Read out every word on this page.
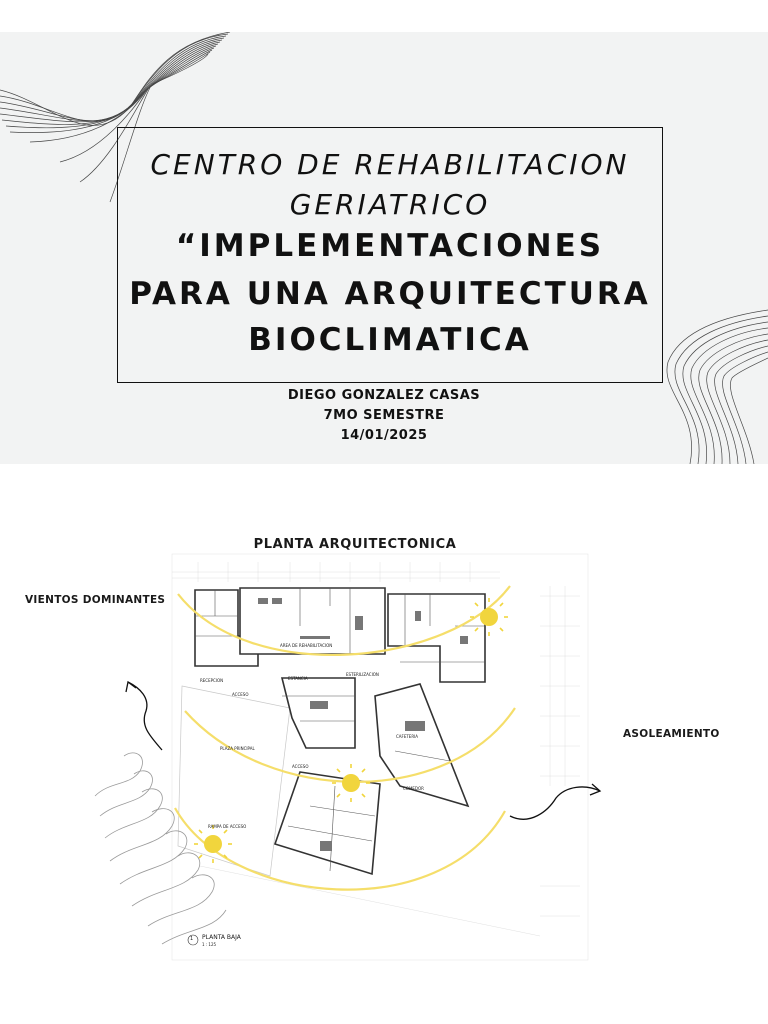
CENTRO DE REHABILITACION
GERIATRICO
“IMPLEMENTACIONES
PARA UNA ARQUITECTURA
BIOCLIMATICA
DIEGO GONZALEZ CASAS
7MO SEMESTRE
14/01/2025
PLANTA ARQUITECTONICA
VIENTOS DOMINANTES
ASOLEAMIENTO
AREA DE REHABILITACION
RECEPCION	ESTANCIA
ESTERILIZACION
ACCESO
PLAZA PRINCIPAL
ACCESO
CAFETERIA
COMEDOR
RAMPA DE ACCESO
1 PLANTA BAJA
1 : 125
